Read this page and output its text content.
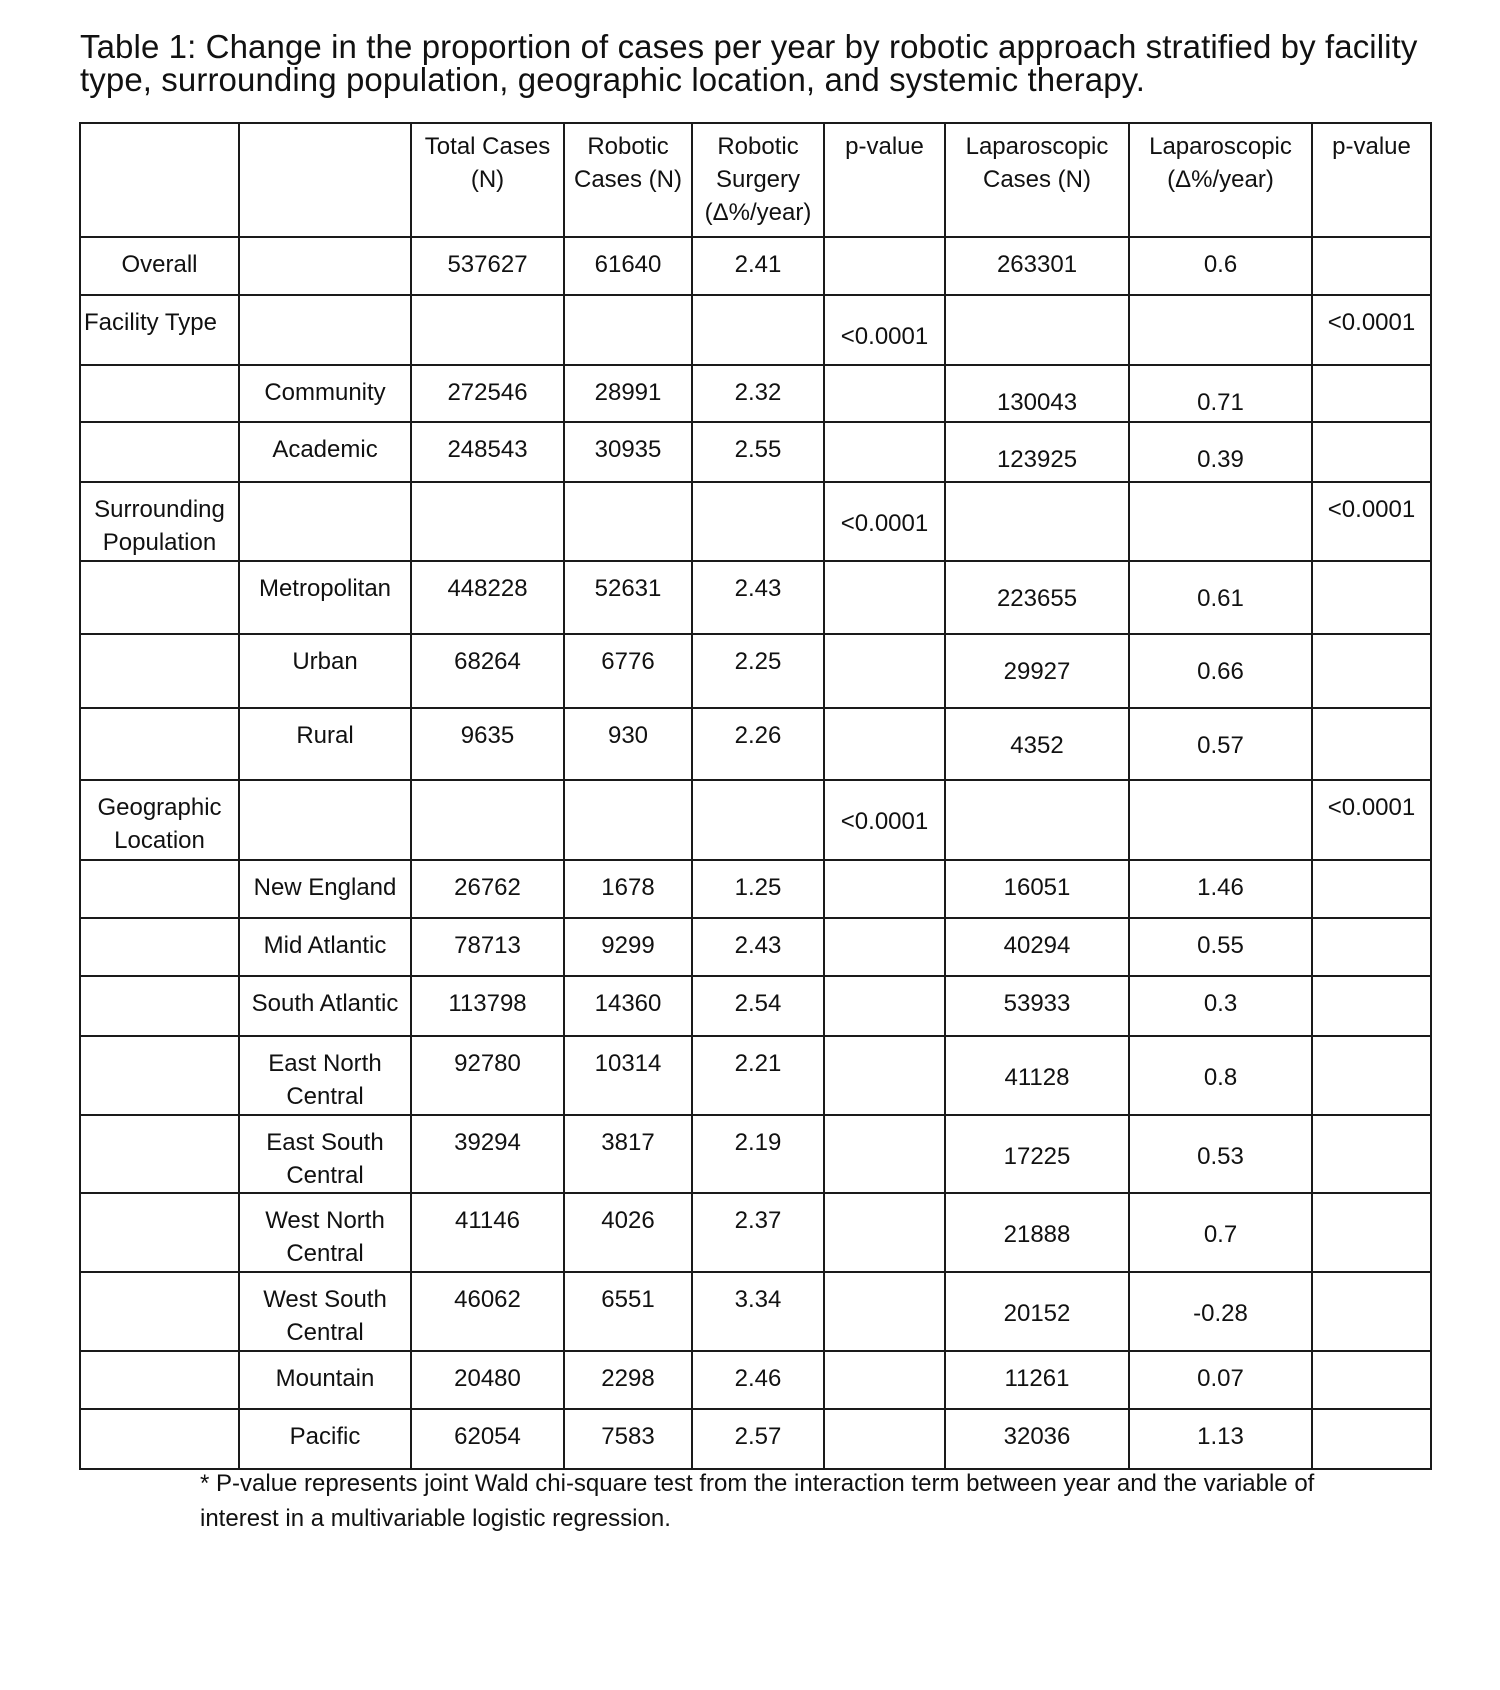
Table 1: Change in the proportion of cases per year by robotic approach stratified by facility type, surrounding population, geographic location, and systemic therapy.

		Total Cases (N)	Robotic Cases (N)	Robotic Surgery (Δ%/year)	p-value	Laparoscopic Cases (N)	Laparoscopic (Δ%/year)	p-value
Overall		537627	61640	2.41		263301	0.6	
Facility Type					<0.0001			<0.0001
	Community	272546	28991	2.32		130043	0.71	
	Academic	248543	30935	2.55		123925	0.39	
Surrounding Population					<0.0001			<0.0001
	Metropolitan	448228	52631	2.43		223655	0.61	
	Urban	68264	6776	2.25		29927	0.66	
	Rural	9635	930	2.26		4352	0.57	
Geographic Location					<0.0001			<0.0001
	New England	26762	1678	1.25		16051	1.46	
	Mid Atlantic	78713	9299	2.43		40294	0.55	
	South Atlantic	113798	14360	2.54		53933	0.3	
	East North Central	92780	10314	2.21		41128	0.8	
	East South Central	39294	3817	2.19		17225	0.53	
	West North Central	41146	4026	2.37		21888	0.7	
	West South Central	46062	6551	3.34		20152	-0.28	
	Mountain	20480	2298	2.46		11261	0.07	
	Pacific	62054	7583	2.57		32036	1.13	

* P-value represents joint Wald chi-square test from the interaction term between year and the variable of interest in a multivariable logistic regression.
